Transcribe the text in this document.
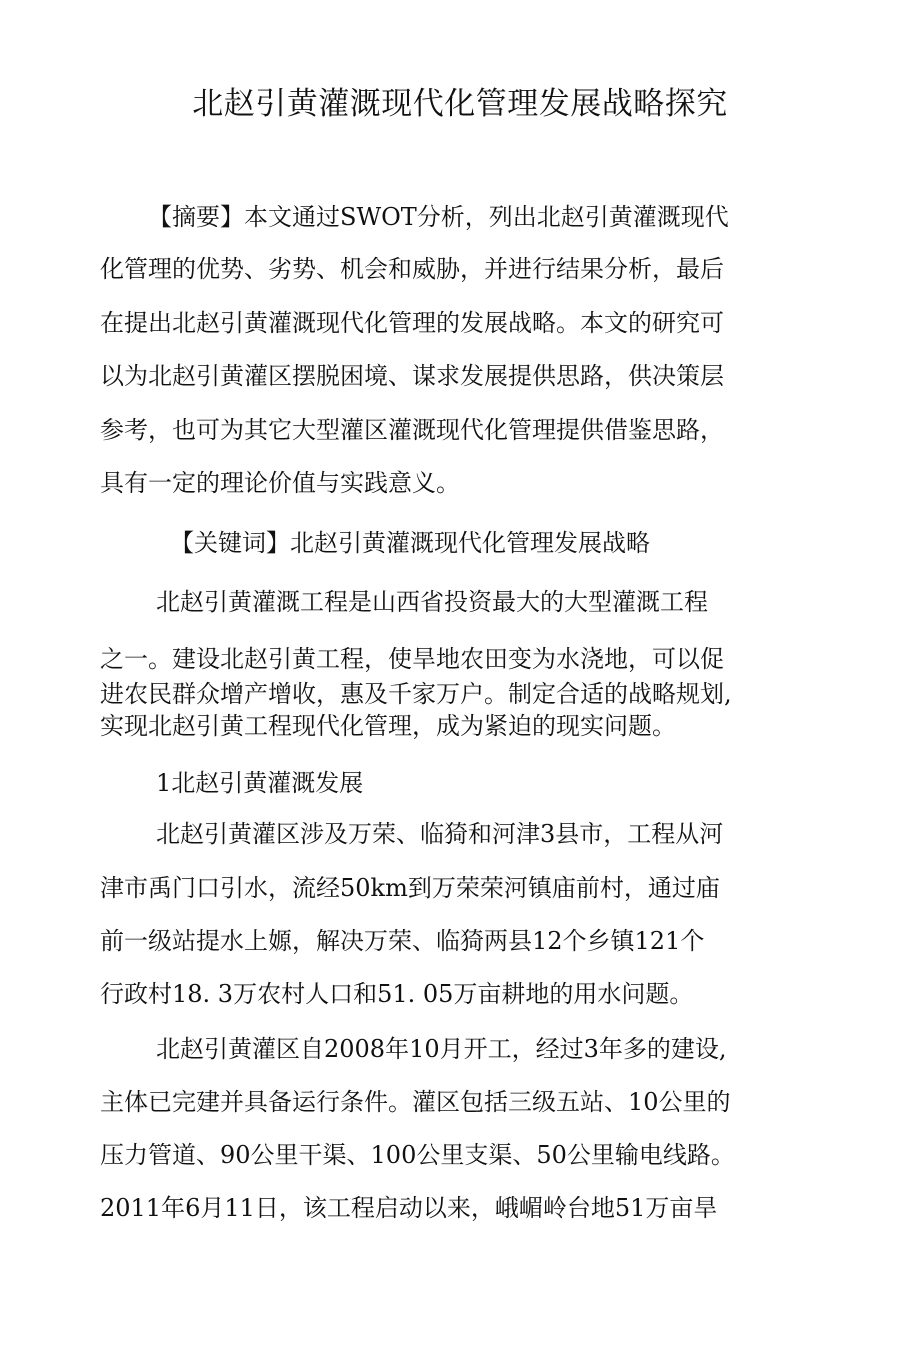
北赵引黄灌溉现代化管理发展战略探究
【摘要】本文通过SWOT分析，列出北赵引黄灌溉现代
化管理的优势、劣势、机会和威胁，并进行结果分析，最后
在提出北赵引黄灌溉现代化管理的发展战略。本文的研究可
以为北赵引黄灌区摆脱困境、谋求发展提供思路，供决策层
参考，也可为其它大型灌区灌溉现代化管理提供借鉴思路，
具有一定的理论价值与实践意义。
【关键词】北赵引黄灌溉现代化管理发展战略
北赵引黄灌溉工程是山西省投资最大的大型灌溉工程
之一。建设北赵引黄工程，使旱地农田变为水浇地，可以促
进农民群众增产增收，惠及千家万户。制定合适的战略规划,
实现北赵引黄工程现代化管理，成为紧迫的现实问题。
1北赵引黄灌溉发展
北赵引黄灌区涉及万荣、临猗和河津3县市，工程从河
津市禹门口引水，流经50km到万荣荣河镇庙前村，通过庙
前一级站提水上嫄，解决万荣、临猗两县12个乡镇121个
行政村18. 3万农村人口和51. 05万亩耕地的用水问题。
北赵引黄灌区自2008年10月开工，经过3年多的建设,
主体已完建并具备运行条件。灌区包括三级五站、10公里的
压力管道、90公里干渠、100公里支渠、50公里输电线路。
2011年6月11日，该工程启动以来，峨嵋岭台地51万亩旱
